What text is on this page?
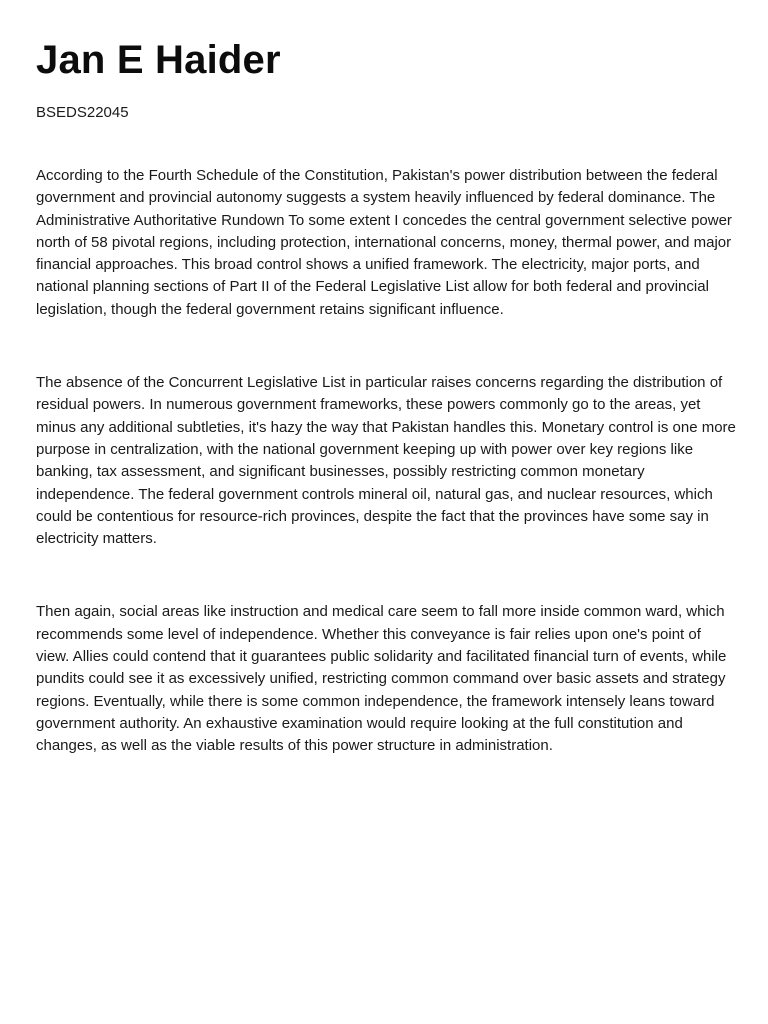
Jan E Haider
BSEDS22045

According to the Fourth Schedule of the Constitution, Pakistan's power distribution between the federal government and provincial autonomy suggests a system heavily influenced by federal dominance. The Administrative Authoritative Rundown To some extent I concedes the central government selective power north of 58 pivotal regions, including protection, international concerns, money, thermal power, and major financial approaches. This broad control shows a unified framework. The electricity, major ports, and national planning sections of Part II of the Federal Legislative List allow for both federal and provincial legislation, though the federal government retains significant influence.

The absence of the Concurrent Legislative List in particular raises concerns regarding the distribution of residual powers. In numerous government frameworks, these powers commonly go to the areas, yet minus any additional subtleties, it's hazy the way that Pakistan handles this. Monetary control is one more purpose in centralization, with the national government keeping up with power over key regions like banking, tax assessment, and significant businesses, possibly restricting common monetary independence. The federal government controls mineral oil, natural gas, and nuclear resources, which could be contentious for resource-rich provinces, despite the fact that the provinces have some say in electricity matters.

Then again, social areas like instruction and medical care seem to fall more inside common ward, which recommends some level of independence. Whether this conveyance is fair relies upon one's point of view. Allies could contend that it guarantees public solidarity and facilitated financial turn of events, while pundits could see it as excessively unified, restricting common command over basic assets and strategy regions. Eventually, while there is some common independence, the framework intensely leans toward government authority. An exhaustive examination would require looking at the full constitution and changes, as well as the viable results of this power structure in administration.
